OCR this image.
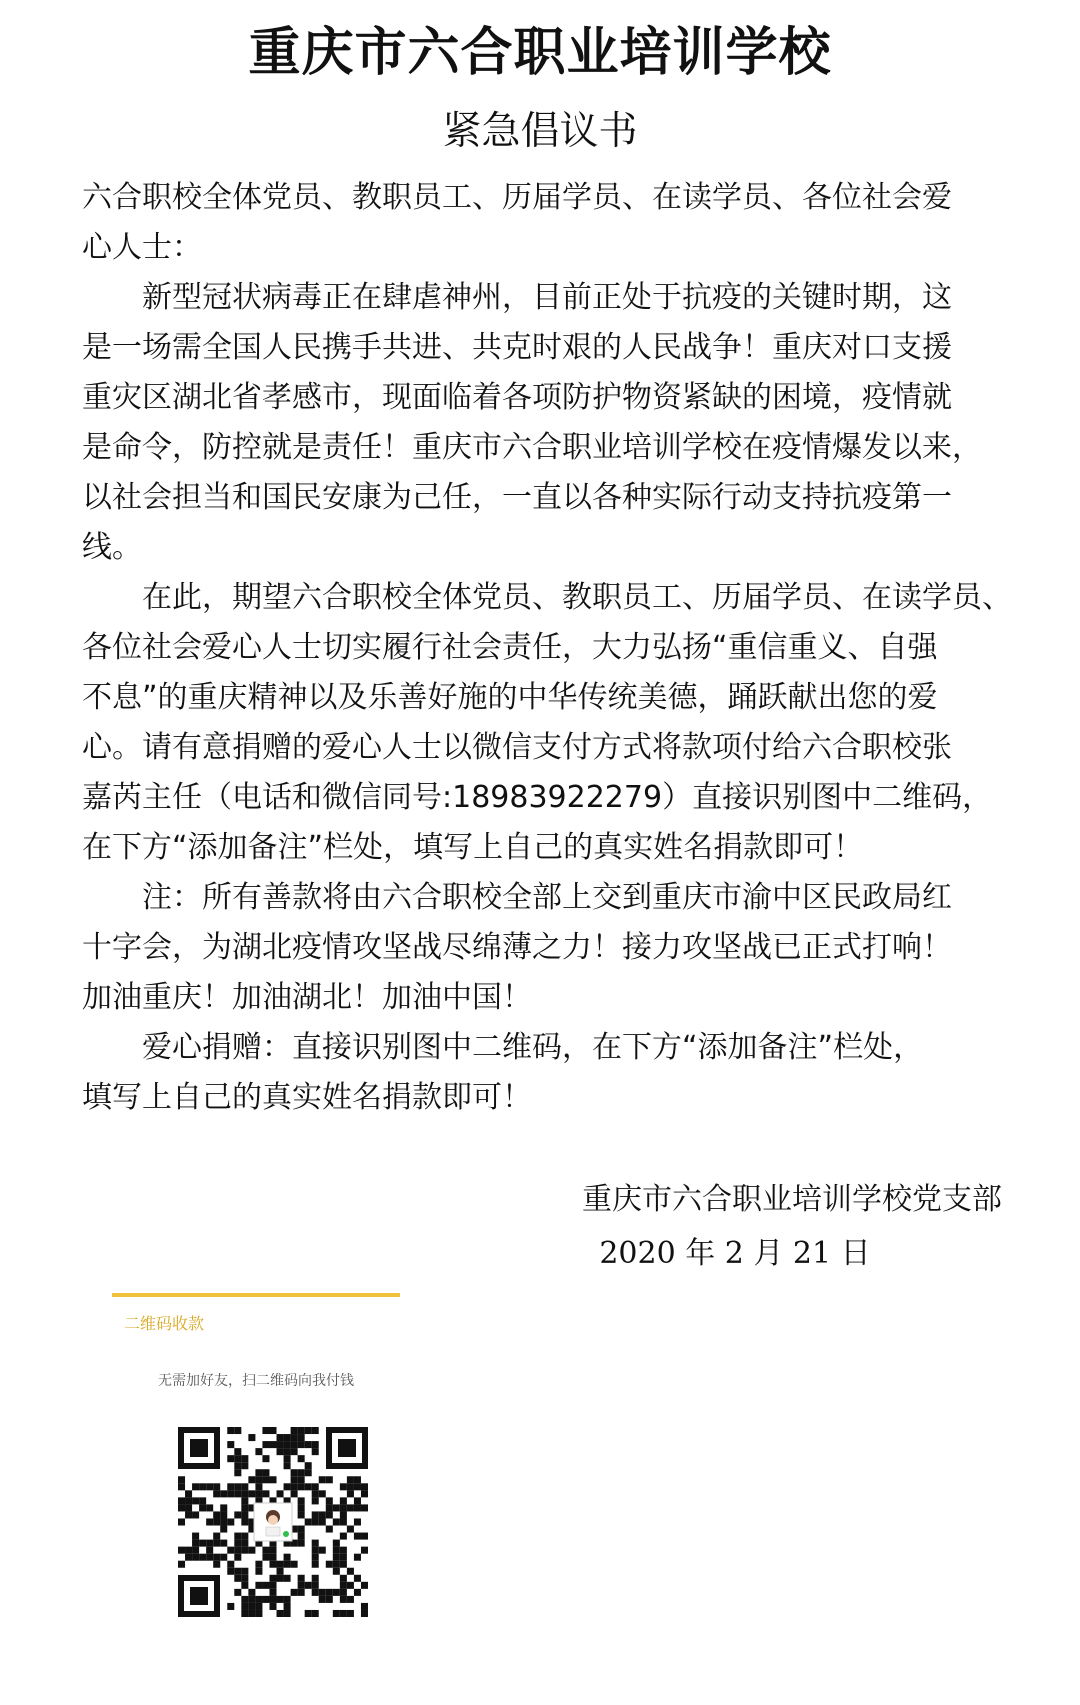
重庆市六合职业培训学校
紧急倡议书
六合职校全体党员、教职员工、历届学员、在读学员、各位社会爱
心人士：
　　新型冠状病毒正在肆虐神州，目前正处于抗疫的关键时期，这
是一场需全国人民携手共进、共克时艰的人民战争！重庆对口支援
重灾区湖北省孝感市，现面临着各项防护物资紧缺的困境，疫情就
是命令，防控就是责任！重庆市六合职业培训学校在疫情爆发以来，
以社会担当和国民安康为己任，一直以各种实际行动支持抗疫第一
线。
　　在此，期望六合职校全体党员、教职员工、历届学员、在读学员、
各位社会爱心人士切实履行社会责任，大力弘扬“重信重义、自强
不息”的重庆精神以及乐善好施的中华传统美德，踊跃献出您的爱
心。请有意捐赠的爱心人士以微信支付方式将款项付给六合职校张
嘉芮主任（电话和微信同号:18983922279）直接识别图中二维码，
在下方“添加备注”栏处，填写上自己的真实姓名捐款即可！
　　注：所有善款将由六合职校全部上交到重庆市渝中区民政局红
十字会，为湖北疫情攻坚战尽绵薄之力！接力攻坚战已正式打响！
加油重庆！加油湖北！加油中国！
　　爱心捐赠：直接识别图中二维码，在下方“添加备注”栏处，
填写上自己的真实姓名捐款即可！
重庆市六合职业培训学校党支部
2020 年 2 月 21 日
二维码收款
无需加好友，扫二维码向我付钱
